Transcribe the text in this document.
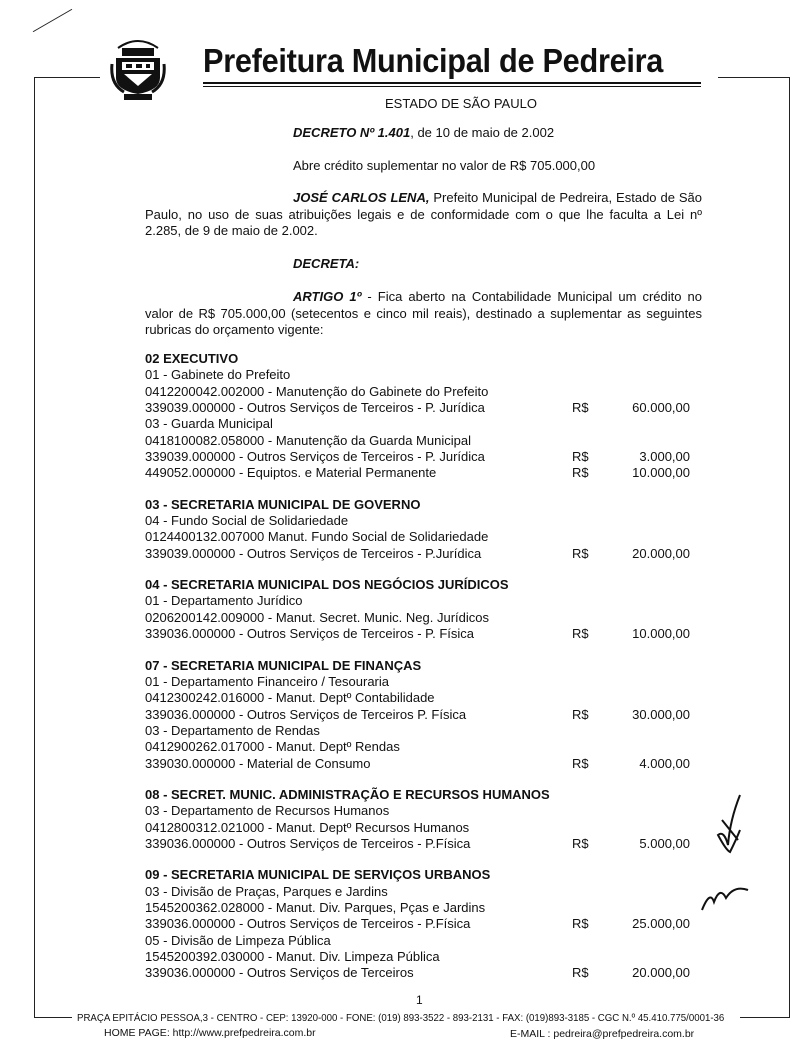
Prefeitura Municipal de Pedreira
ESTADO DE SÃO PAULO
DECRETO Nº 1.401, de 10 de maio de 2.002
Abre crédito suplementar no valor de R$ 705.000,00
JOSÉ CARLOS LENA, Prefeito Municipal de Pedreira, Estado de São Paulo, no uso de suas atribuições legais e de conformidade com o que lhe faculta a Lei nº 2.285, de 9 de maio de 2.002.
DECRETA:
ARTIGO 1º - Fica aberto na Contabilidade Municipal um crédito no valor de R$ 705.000,00 (setecentos e cinco mil reais), destinado a suplementar as seguintes rubricas do orçamento vigente:
02 EXECUTIVO
01 - Gabinete do Prefeito
0412200042.002000 - Manutenção do Gabinete do Prefeito
339039.000000 - Outros Serviços de Terceiros - P. Jurídica	R$	60.000,00
03 - Guarda Municipal
0418100082.058000 - Manutenção da Guarda Municipal
339039.000000 - Outros Serviços de Terceiros - P. Jurídica	R$	3.000,00
449052.000000 - Equiptos. e Material Permanente	R$	10.000,00
03 - SECRETARIA MUNICIPAL DE GOVERNO
04 - Fundo Social de Solidariedade
0124400132.007000 Manut. Fundo Social de Solidariedade
339039.000000 - Outros Serviços de Terceiros - P.Jurídica	R$	20.000,00
04 - SECRETARIA MUNICIPAL DOS NEGÓCIOS JURÍDICOS
01 - Departamento Jurídico
0206200142.009000 - Manut. Secret. Munic. Neg. Jurídicos
339036.000000 - Outros Serviços de Terceiros - P. Física	R$	10.000,00
07 - SECRETARIA MUNICIPAL DE FINANÇAS
01 - Departamento Financeiro / Tesouraria
0412300242.016000 - Manut. Deptº Contabilidade
339036.000000 - Outros Serviços de Terceiros P. Física	R$	30.000,00
03 - Departamento de Rendas
0412900262.017000 - Manut. Deptº Rendas
339030.000000 - Material de Consumo	R$	4.000,00
08 - SECRET. MUNIC. ADMINISTRAÇÃO E RECURSOS HUMANOS
03 - Departamento de Recursos Humanos
0412800312.021000 - Manut. Deptº Recursos Humanos
339036.000000 - Outros Serviços de Terceiros - P.Física	R$	5.000,00
09 - SECRETARIA MUNICIPAL DE SERVIÇOS URBANOS
03 - Divisão de Praças, Parques e Jardins
1545200362.028000 - Manut. Div. Parques, Pças e Jardins
339036.000000 - Outros Serviços de Terceiros - P.Física	R$	25.000,00
05 - Divisão de Limpeza Pública
1545200392.030000 - Manut. Div. Limpeza Pública
339036.000000 - Outros Serviços de Terceiros	R$	20.000,00
1
PRAÇA EPITÁCIO PESSOA,3 - CENTRO - CEP: 13920-000 - FONE: (019) 893-3522 - 893-2131 - FAX: (019)893-3185 - CGC N.º 45.410.775/0001-36
HOME PAGE: http://www.prefpedreira.com.br	E-MAIL : pedreira@prefpedreira.com.br
